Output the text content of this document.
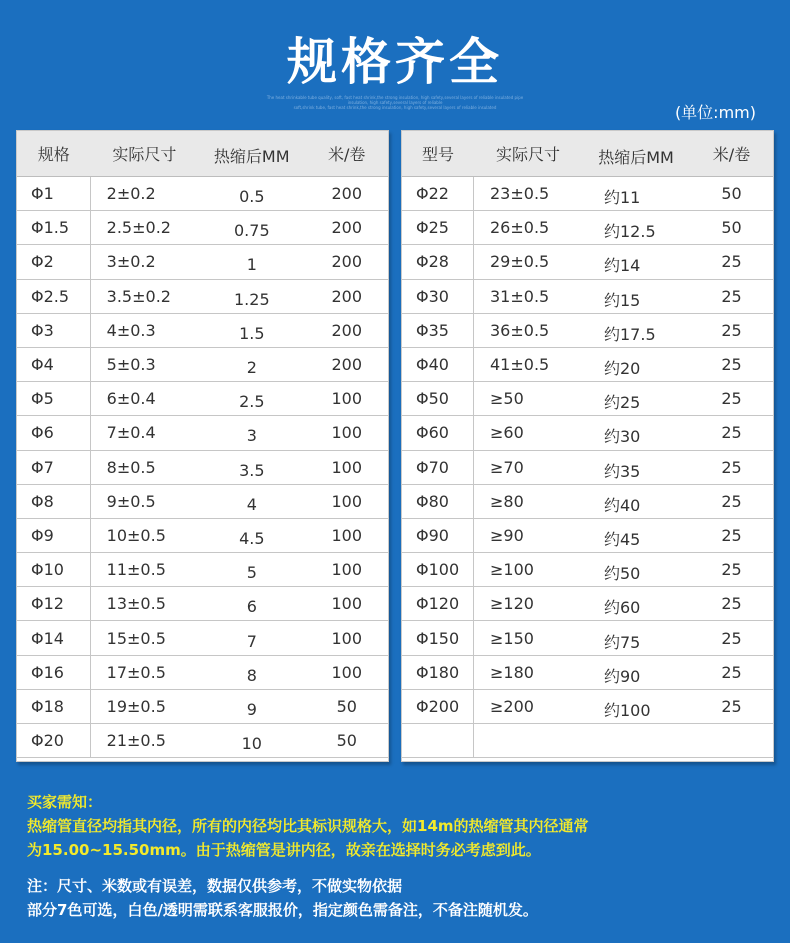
规格齐全
The heat shrinkable tube quality, soft, fast heat shrink,the strong insulation, high safety,several layers of reliable insulated pipe
insulation, high safety,several layers of reliable
soft,shrink tube, fast heat shrink,the strong insulation, high safety,several layers of reliable insulated	(单位:mm)
规格	实际尺寸	热缩后MM	米/卷
Φ1	2±0.2	0.5	200
Φ1.5	2.5±0.2	0.75	200
Φ2	3±0.2	1	200
Φ2.5	3.5±0.2	1.25	200
Φ3	4±0.3	1.5	200
Φ4	5±0.3	2	200
Φ5	6±0.4	2.5	100
Φ6	7±0.4	3	100
Φ7	8±0.5	3.5	100
Φ8	9±0.5	4	100
Φ9	10±0.5	4.5	100
Φ10	11±0.5	5	100
Φ12	13±0.5	6	100
Φ14	15±0.5	7	100
Φ16	17±0.5	8	100
Φ18	19±0.5	9	50
Φ20	21±0.5	10	50
型号	实际尺寸	热缩后MM	米/卷
Φ22	23±0.5	约11	50
Φ25	26±0.5	约12.5	50
Φ28	29±0.5	约14	25
Φ30	31±0.5	约15	25
Φ35	36±0.5	约17.5	25
Φ40	41±0.5	约20	25
Φ50	≥50	约25	25
Φ60	≥60	约30	25
Φ70	≥70	约35	25
Φ80	≥80	约40	25
Φ90	≥90	约45	25
Φ100	≥100	约50	25
Φ120	≥120	约60	25
Φ150	≥150	约75	25
Φ180	≥180	约90	25
Φ200	≥200	约100	25
买家需知：
热缩管直径均指其内径，所有的内径均比其标识规格大，如14m的热缩管其内径通常
为15.00~15.50mm。由于热缩管是讲内径，故亲在选择时务必考虑到此。
注：尺寸、米数或有误差，数据仅供参考，不做实物依据
部分7色可选，白色/透明需联系客服报价，指定颜色需备注，不备注随机发。
